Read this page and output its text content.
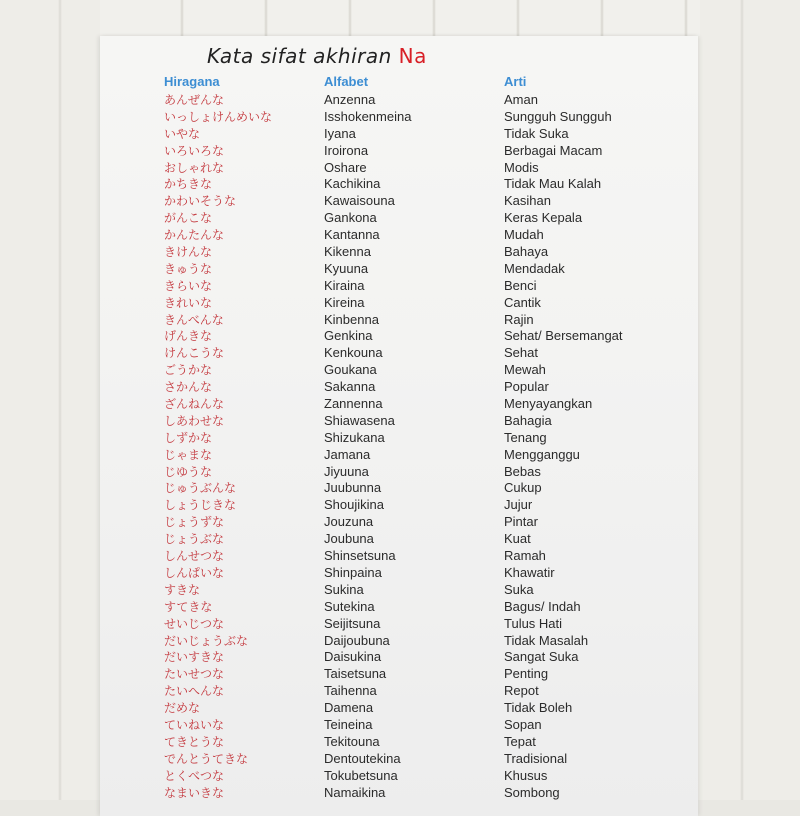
Kata sifat akhiran Na
Hiragana	Alfabet	Arti
あんぜんな
いっしょけんめいな
いやな
いろいろな
おしゃれな
かちきな
かわいそうな
がんこな
かんたんな
きけんな
きゅうな
きらいな
きれいな
きんべんな
げんきな
けんこうな
ごうかな
さかんな
ざんねんな
しあわせな
しずかな
じゃまな
じゆうな
じゅうぶんな
しょうじきな
じょうずな
じょうぶな
しんせつな
しんぱいな
すきな
すてきな
せいじつな
だいじょうぶな
だいすきな
たいせつな
たいへんな
だめな
ていねいな
てきとうな
でんとうてきな
とくべつな
なまいきな
Anzenna
Isshokenmeina
Iyana
Iroirona
Oshare
Kachikina
Kawaisouna
Gankona
Kantanna
Kikenna
Kyuuna
Kiraina
Kireina
Kinbenna
Genkina
Kenkouna
Goukana
Sakanna
Zannenna
Shiawasena
Shizukana
Jamana
Jiyuuna
Juubunna
Shoujikina
Jouzuna
Joubuna
Shinsetsuna
Shinpaina
Sukina
Sutekina
Seijitsuna
Daijoubuna
Daisukina
Taisetsuna
Taihenna
Damena
Teineina
Tekitouna
Dentoutekina
Tokubetsuna
Namaikina
Aman
Sungguh Sungguh
Tidak Suka
Berbagai Macam
Modis
Tidak Mau Kalah
Kasihan
Keras Kepala
Mudah
Bahaya
Mendadak
Benci
Cantik
Rajin
Sehat/ Bersemangat
Sehat
Mewah
Popular
Menyayangkan
Bahagia
Tenang
Mengganggu
Bebas
Cukup
Jujur
Pintar
Kuat
Ramah
Khawatir
Suka
Bagus/ Indah
Tulus Hati
Tidak Masalah
Sangat Suka
Penting
Repot
Tidak Boleh
Sopan
Tepat
Tradisional
Khusus
Sombong
